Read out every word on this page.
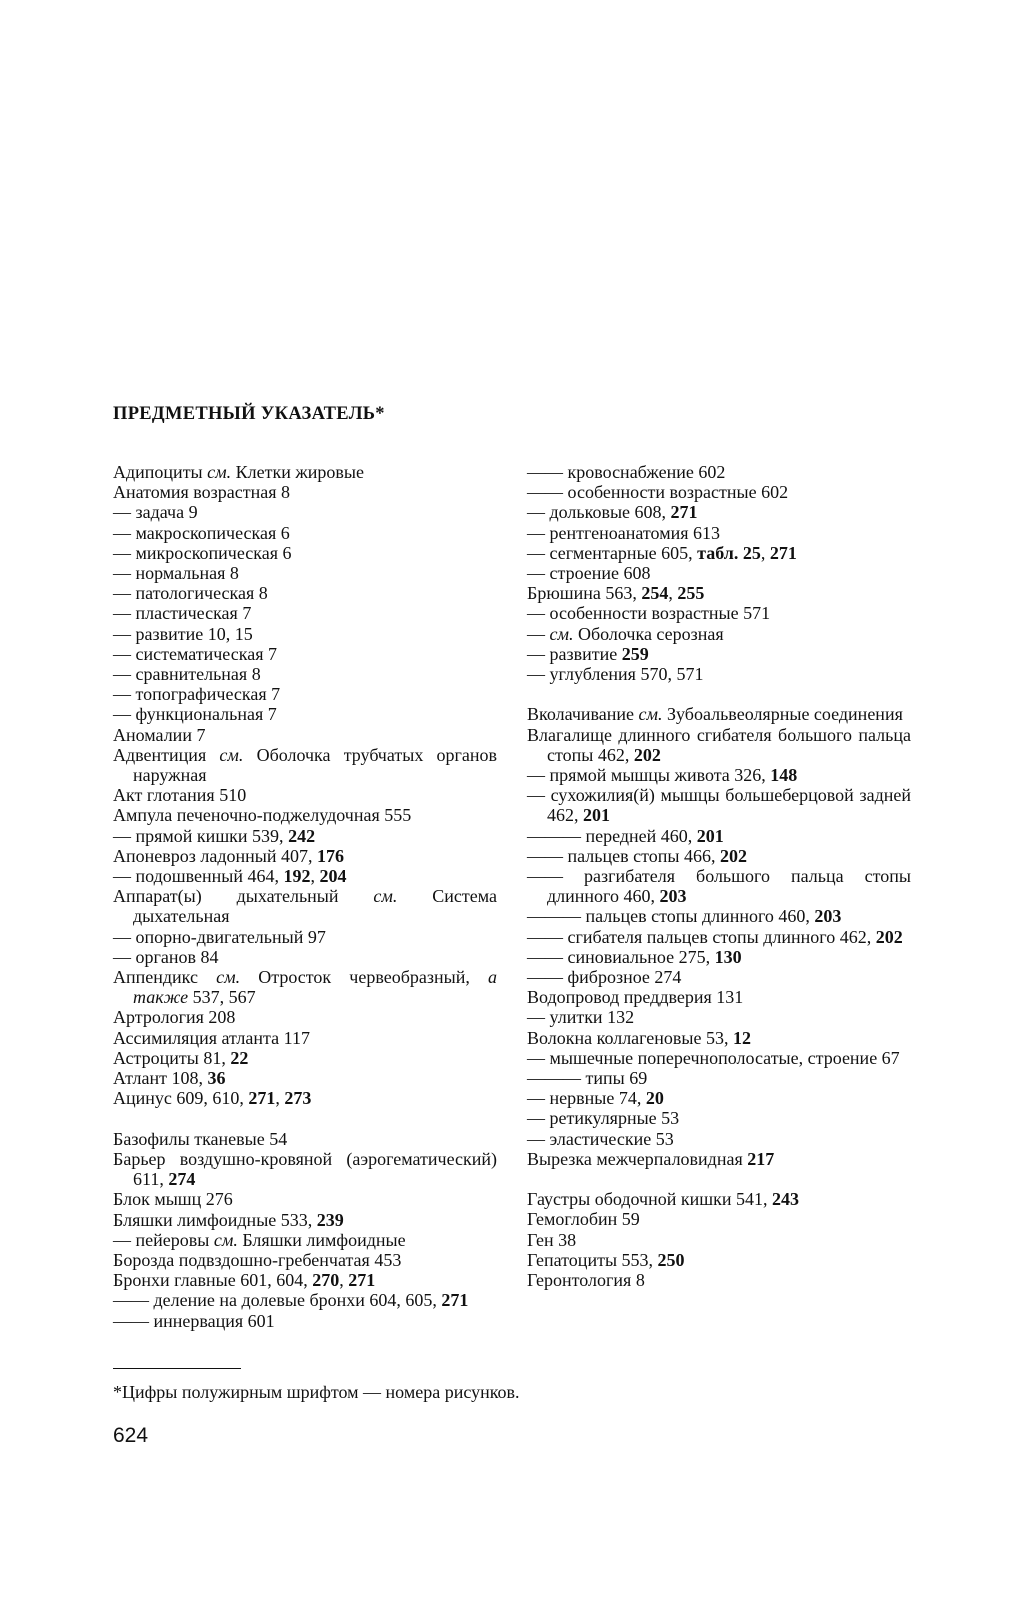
ПРЕДМЕТНЫЙ УКАЗАТЕЛЬ*
Адипоциты см. Клетки жировые
Анатомия возрастная 8
— задача 9
— макроскопическая 6
— микроскопическая 6
— нормальная 8
— патологическая 8
— пластическая 7
— развитие 10, 15
— систематическая 7
— сравнительная 8
— топографическая 7
— функциональная 7
Аномалии 7
Адвентиция см. Оболочка трубчатых органов наружная
Акт глотания 510
Ампула печеночно-поджелудочная 555
— прямой кишки 539, 242
Апоневроз ладонный 407, 176
— подошвенный 464, 192, 204
Аппарат(ы) дыхательный см. Система дыхательная
— опорно-двигательный 97
— органов 84
Аппендикс см. Отросток червеобразный, а также 537, 567
Артрология 208
Ассимиляция атланта 117
Астроциты 81, 22
Атлант 108, 36
Ацинус 609, 610, 271, 273
Базофилы тканевые 54
Барьер воздушно-кровяной (аэрогематический) 611, 274
Блок мышц 276
Бляшки лимфоидные 533, 239
— пейеровы см. Бляшки лимфоидные
Борозда подвздошно-гребенчатая 453
Бронхи главные 601, 604, 270, 271
—— деление на долевые бронхи 604, 605, 271
—— иннервация 601
—— кровоснабжение 602
—— особенности возрастные 602
— дольковые 608, 271
— рентгеноанатомия 613
— сегментарные 605, табл. 25, 271
— строение 608
Брюшина 563, 254, 255
— особенности возрастные 571
— см. Оболочка серозная
— развитие 259
— углубления 570, 571
Вколачивание см. Зубоальвеолярные соединения
Влагалище длинного сгибателя большого пальца стопы 462, 202
— прямой мышцы живота 326, 148
— сухожилия(й) мышцы большеберцовой задней 462, 201
——— передней 460, 201
—— пальцев стопы 466, 202
—— разгибателя большого пальца стопы длинного 460, 203
——— пальцев стопы длинного 460, 203
—— сгибателя пальцев стопы длинного 462, 202
—— синовиальное 275, 130
—— фиброзное 274
Водопровод преддверия 131
— улитки 132
Волокна коллагеновые 53, 12
— мышечные поперечнополосатые, строение 67
——— типы 69
— нервные 74, 20
— ретикулярные 53
— эластические 53
Вырезка межчерпаловидная 217
Гаустры ободочной кишки 541, 243
Гемоглобин 59
Ген 38
Гепатоциты 553, 250
Геронтология 8
*Цифры полужирным шрифтом — номера рисунков.
624
